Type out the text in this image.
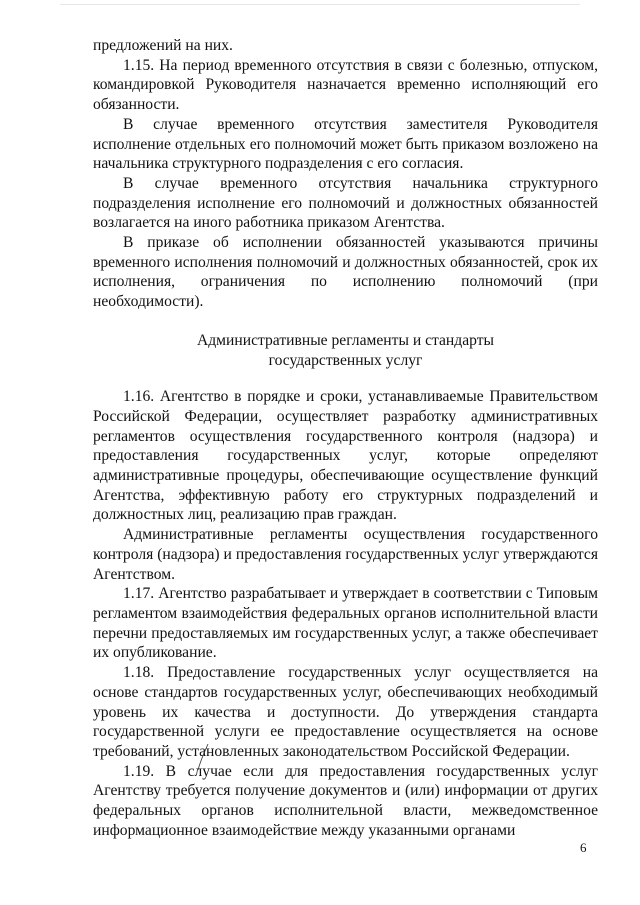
предложений на них.

1.15. На период временного отсутствия в связи с болезнью, отпуском, командировкой Руководителя назначается временно исполняющий его обязанности.

В случае временного отсутствия заместителя Руководителя исполнение отдельных его полномочий может быть приказом возложено на начальника структурного подразделения с его согласия.

В случае временного отсутствия начальника структурного подразделения исполнение его полномочий и должностных обязанностей возлагается на иного работника приказом Агентства.

В приказе об исполнении обязанностей указываются причины временного исполнения полномочий и должностных обязанностей, срок их исполнения, ограничения по исполнению полномочий (при необходимости).

Административные регламенты и стандарты
государственных услуг

1.16. Агентство в порядке и сроки, устанавливаемые Правительством Российской Федерации, осуществляет разработку административных регламентов осуществления государственного контроля (надзора) и предоставления государственных услуг, которые определяют административные процедуры, обеспечивающие осуществление функций Агентства, эффективную работу его структурных подразделений и должностных лиц, реализацию прав граждан.

Административные регламенты осуществления государственного контроля (надзора) и предоставления государственных услуг утверждаются Агентством.

1.17. Агентство разрабатывает и утверждает в соответствии с Типовым регламентом взаимодействия федеральных органов исполнительной власти перечни предоставляемых им государственных услуг, а также обеспечивает их опубликование.

1.18. Предоставление государственных услуг осуществляется на основе стандартов государственных услуг, обеспечивающих необходимый уровень их качества и доступности. До утверждения стандарта государственной услуги ее предоставление осуществляется на основе требований, установленных законодательством Российской Федерации.

1.19. В случае если для предоставления государственных услуг Агентству требуется получение документов и (или) информации от других федеральных органов исполнительной власти, межведомственное информационное взаимодействие между указанными органами

6
